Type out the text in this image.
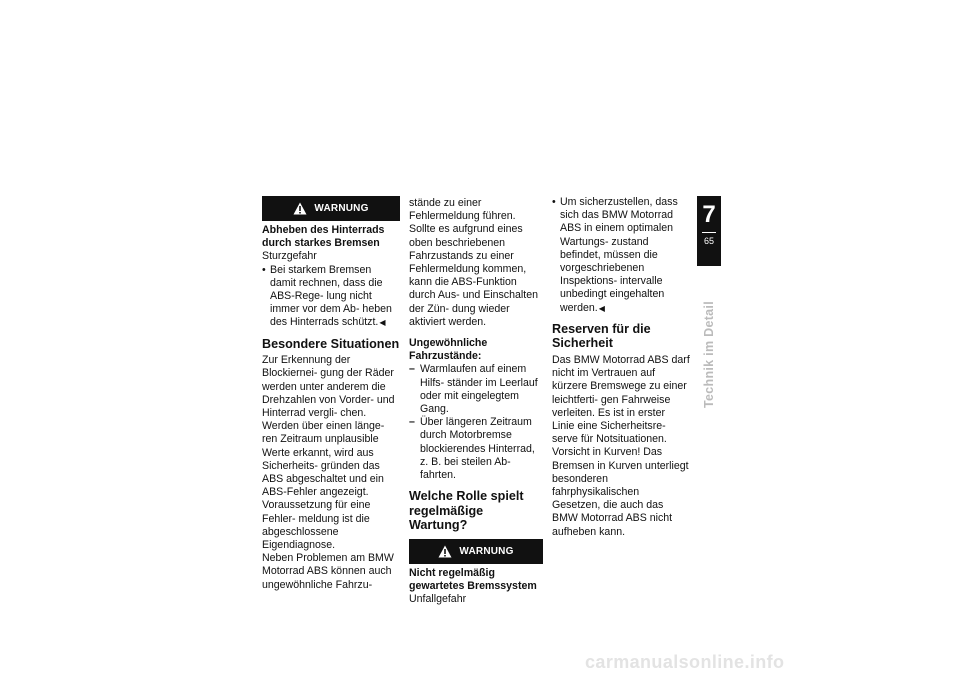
WARNUNG

Abheben des Hinterrads durch starkes Bremsen

Sturzgefahr

• Bei starkem Bremsen damit rechnen, dass die ABS-Rege- lung nicht immer vor dem Ab- heben des Hinterrads schützt.◀
Besondere Situationen

Zur Erkennung der Blockiernei- gung der Räder werden unter anderem die Drehzahlen von Vorder- und Hinterrad vergli- chen. Werden über einen länge- ren Zeitraum unplausible Werte erkannt, wird aus Sicherheits- gründen das ABS abgeschaltet und ein ABS-Fehler angezeigt. Voraussetzung für eine Fehler- meldung ist die abgeschlossene Eigendiagnose.

Neben Problemen am BMW Motorrad ABS können auch ungewöhnliche Fahrzu-

stände zu einer Fehlermeldung führen.

Sollte es aufgrund eines oben beschriebenen Fahrzustands zu einer Fehlermeldung kommen, kann die ABS-Funktion durch Aus- und Einschalten der Zün- dung wieder aktiviert werden.

Ungewöhnliche Fahrzustände:
– Warmlaufen auf einem Hilfs- ständer im Leerlauf oder mit eingelegtem Gang.
– Über längeren Zeitraum durch Motorbremse blockierendes Hinterrad, z. B. bei steilen Ab- fahrten.
Welche Rolle spielt regelmäßige Wartung?
WARNUNG

Nicht regelmäßig gewartetes Bremssystem

Unfallgefahr

• Um sicherzustellen, dass sich das BMW Motorrad ABS in einem optimalen Wartungs- zustand befindet, müssen die vorgeschriebenen Inspektions- intervalle unbedingt eingehalten werden.◀
Reserven für die Sicherheit

Das BMW Motorrad ABS darf nicht im Vertrauen auf kürzere Bremswege zu einer leichtferti- gen Fahrweise verleiten. Es ist in erster Linie eine Sicherheitsre- serve für Notsituationen.

Vorsicht in Kurven! Das Bremsen in Kurven unterliegt besonderen fahrphysikalischen Gesetzen, die auch das BMW Motorrad ABS nicht aufheben kann.

7
65
Technik im Detail
carmanualsonline.info
